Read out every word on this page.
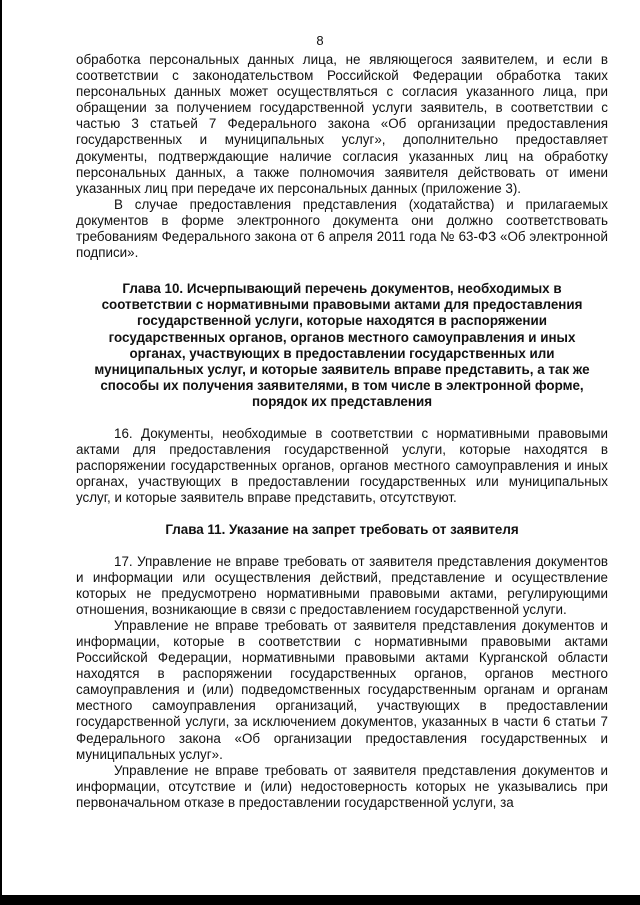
8

обработка персональных данных лица, не являющегося заявителем, и если в соответствии с законодательством Российской Федерации обработка таких персональных данных может осуществляться с согласия указанного лица, при обращении за получением государственной услуги заявитель, в соответствии с частью 3 статьей 7 Федерального закона «Об организации предоставления государственных и муниципальных услуг», дополнительно предоставляет документы, подтверждающие наличие согласия указанных лиц на обработку персональных данных, а также полномочия заявителя действовать от имени указанных лиц при передаче их персональных данных (приложение 3).

В случае предоставления представления (ходатайства) и прилагаемых документов в форме электронного документа они должно соответствовать требованиям Федерального закона от 6 апреля 2011 года № 63-ФЗ «Об электронной подписи».

Глава 10. Исчерпывающий перечень документов, необходимых в соответствии с нормативными правовыми актами для предоставления государственной услуги, которые находятся в распоряжении государственных органов, органов местного самоуправления и иных органах, участвующих в предоставлении государственных или муниципальных услуг, и которые заявитель вправе представить, а так же способы их получения заявителями, в том числе в электронной форме, порядок их представления

16. Документы, необходимые в соответствии с нормативными правовыми актами для предоставления государственной услуги, которые находятся в распоряжении государственных органов, органов местного самоуправления и иных органах, участвующих в предоставлении государственных или муниципальных услуг, и которые заявитель вправе представить, отсутствуют.

Глава 11. Указание на запрет требовать от заявителя

17. Управление не вправе требовать от заявителя представления документов и информации или осуществления действий, представление и осуществление которых не предусмотрено нормативными правовыми актами, регулирующими отношения, возникающие в связи с предоставлением государственной услуги.

Управление не вправе требовать от заявителя представления документов и информации, которые в соответствии с нормативными правовыми актами Российской Федерации, нормативными правовыми актами Курганской области находятся в распоряжении государственных органов, органов местного самоуправления и (или) подведомственных государственным органам и органам местного самоуправления организаций, участвующих в предоставлении государственной услуги, за исключением документов, указанных в части 6 статьи 7 Федерального закона «Об организации предоставления государственных и муниципальных услуг».

Управление не вправе требовать от заявителя представления документов и информации, отсутствие и (или) недостоверность которых не указывались при первоначальном отказе в предоставлении государственной услуги, за
